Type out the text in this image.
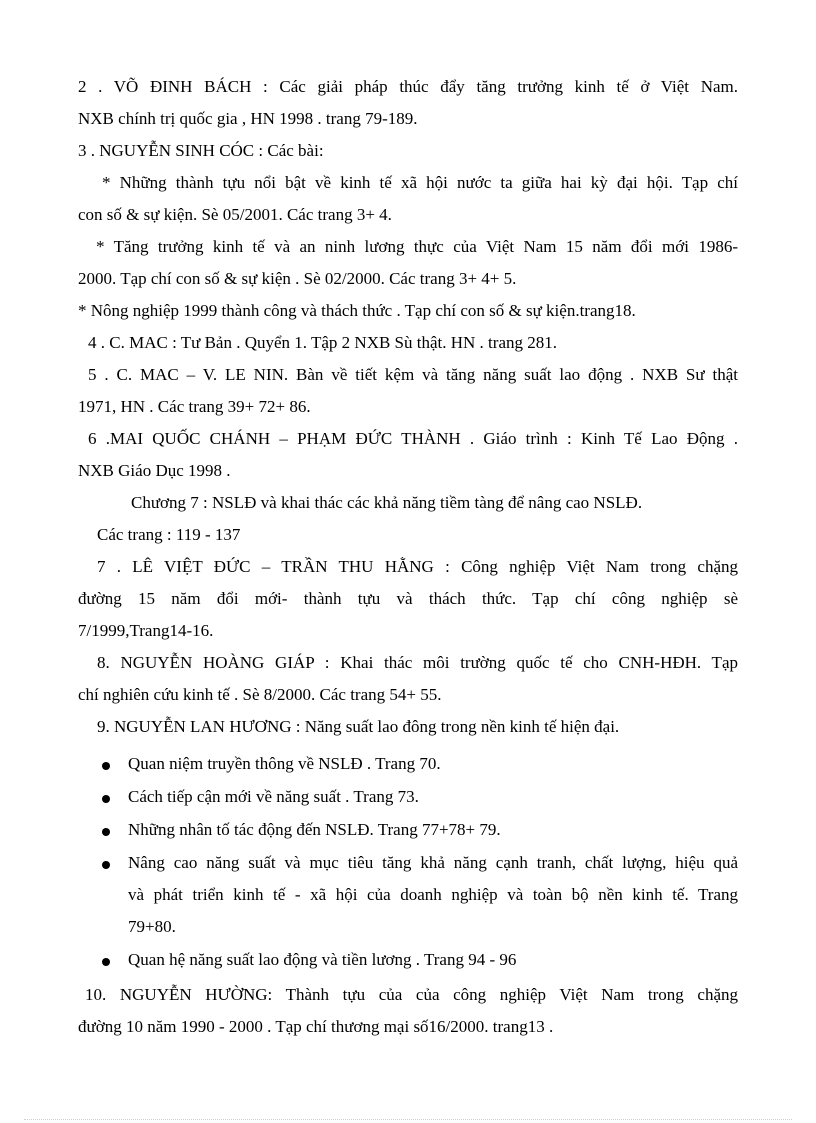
2 . VÕ ĐINH BÁCH : Các giải pháp thúc đẩy tăng trưởng kinh tế ở Việt Nam.
NXB chính trị quốc gia , HN 1998 . trang 79-189.
3 . NGUYỄN SINH CÓC : Các bài:
* Những thành tựu nổi bật về kinh tế xã hội nước ta giữa hai kỳ đại hội. Tạp chí
con số & sự kiện. Sè 05/2001. Các trang 3+ 4.
* Tăng trưởng kinh tế và an ninh lương thực của Việt Nam 15 năm đổi mới 1986-
2000. Tạp chí con số & sự kiện . Sè 02/2000. Các trang 3+ 4+ 5.
* Nông nghiệp 1999 thành công và thách thức . Tạp chí con số & sự kiện.trang18.
4 . C. MAC : Tư Bản . Quyển 1. Tập 2 NXB Sù thật. HN . trang 281.
5 . C. MAC – V. LE NIN. Bàn về tiết kệm và tăng năng suất lao động . NXB Sư thật
1971, HN . Các trang 39+ 72+ 86.
6 .MAI QUỐC CHÁNH – PHẠM ĐỨC THÀNH . Giáo trình : Kinh Tế Lao Động .
NXB Giáo Dục 1998 .
Chương 7 : NSLĐ và khai thác các khả năng tiềm tàng để nâng cao NSLĐ.
Các trang : 119 - 137
7 . LÊ VIỆT ĐỨC – TRẦN THU HẰNG : Công nghiệp Việt Nam trong chặng
đường 15 năm đổi mới- thành tựu và thách thức. Tạp chí công nghiệp sè
7/1999,Trang14-16.
8. NGUYỄN HOÀNG GIÁP : Khai thác môi trường quốc tế cho CNH-HĐH. Tạp
chí nghiên cứu kinh tế . Sè 8/2000. Các trang 54+ 55.
9. NGUYỄN LAN HƯƠNG : Năng suất lao đông trong nền kinh tế hiện đại.
Quan niệm truyền thông về NSLĐ . Trang 70.
Cách tiếp cận mới về năng suất . Trang 73.
Những nhân tố tác động đến NSLĐ. Trang 77+78+ 79.
Nâng cao năng suất và mục tiêu tăng khả năng cạnh tranh, chất lượng, hiệu quả
và phát triển kinh tế - xã hội của doanh nghiệp và toàn bộ nền kinh tế. Trang
79+80.
Quan hệ năng suất lao động và tiền lương . Trang 94 - 96
10. NGUYỄN HƯỜNG: Thành tựu của của công nghiệp Việt Nam trong chặng
đường 10 năm 1990 - 2000 . Tạp chí thương mại số16/2000. trang13 .
